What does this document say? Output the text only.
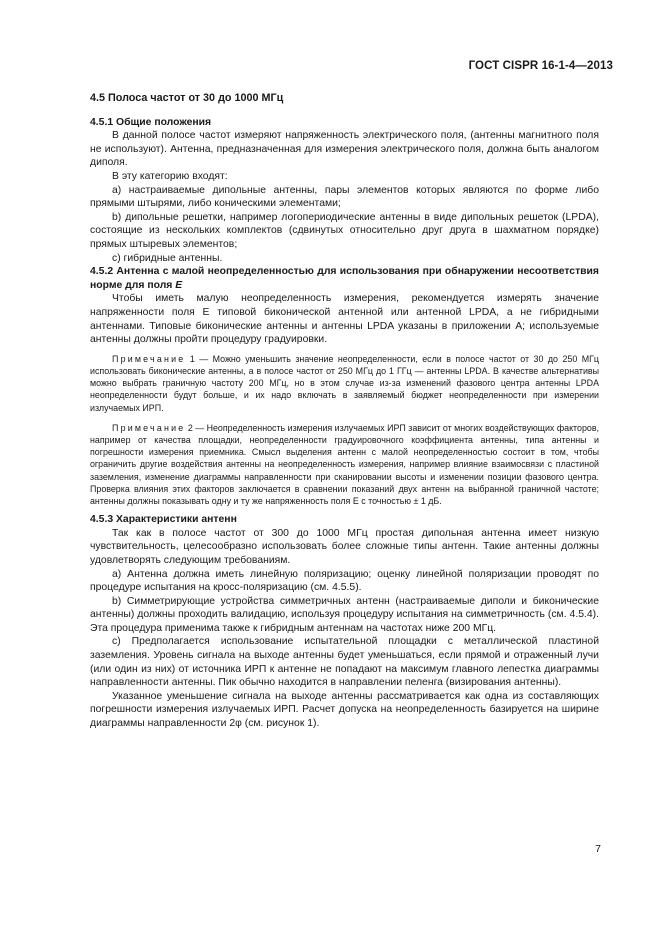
ГОСТ CISPR 16-1-4—2013
4.5 Полоса частот от 30 до 1000 МГц
4.5.1 Общие положения

В данной полосе частот измеряют напряженность электрического поля, (антенны магнитного поля не используют). Антенна, предназначенная для измерения электрического поля, должна быть аналогом диполя.

В эту категорию входят:

а) настраиваемые дипольные антенны, пары элементов которых являются по форме либо прямыми штырями, либо коническими элементами;

b) дипольные решетки, например логопериодические антенны в виде дипольных решеток (LPDA), состоящие из нескольких комплектов (сдвинутых относительно друг друга в шахматном порядке) прямых штыревых элементов;

с) гибридные антенны.

4.5.2 Антенна с малой неопределенностью для использования при обнаружении несоответствия норме для поля E

Чтобы иметь малую неопределенность измерения, рекомендуется измерять значение напряженности поля E типовой биконической антенной или антенной LPDA, а не гибридными антеннами. Типовые биконические антенны и антенны LPDA указаны в приложении А; используемые антенны должны пройти процедуру градуировки.

Примечание 1 — Можно уменьшить значение неопределенности, если в полосе частот от 30 до 250 МГц использовать биконические антенны, а в полосе частот от 250 МГц до 1 ГГц — антенны LPDA. В качестве альтернативы можно выбрать граничную частоту 200 МГц, но в этом случае из-за изменений фазового центра антенны LPDA неопределенности будут больше, и их надо включать в заявляемый бюджет неопределенности при измерении излучаемых ИРП.

Примечание 2 — Неопределенность измерения излучаемых ИРП зависит от многих воздействующих факторов, например от качества площадки, неопределенности градуировочного коэффициента антенны, типа антенны и погрешности измерения приемника. Смысл выделения антенн с малой неопределенностью состоит в том, чтобы ограничить другие воздействия антенны на неопределенность измерения, например влияние взаимосвязи с пластиной заземления, изменение диаграммы направленности при сканировании высоты и изменении позиции фазового центра. Проверка влияния этих факторов заключается в сравнении показаний двух антенн на выбранной граничной частоте; антенны должны показывать одну и ту же напряженность поля E с точностью ± 1 дБ.

4.5.3 Характеристики антенн

Так как в полосе частот от 300 до 1000 МГц простая дипольная антенна имеет низкую чувствительность, целесообразно использовать более сложные типы антенн. Такие антенны должны удовлетворять следующим требованиям.

а) Антенна должна иметь линейную поляризацию; оценку линейной поляризации проводят по процедуре испытания на кросс-поляризацию (см. 4.5.5).

b) Симметрирующие устройства симметричных антенн (настраиваемые диполи и биконические антенны) должны проходить валидацию, используя процедуру испытания на симметричность (см. 4.5.4). Эта процедура применима также к гибридным антеннам на частотах ниже 200 МГц.

с) Предполагается использование испытательной площадки с металлической пластиной заземления. Уровень сигнала на выходе антенны будет уменьшаться, если прямой и отраженный лучи (или один из них) от источника ИРП к антенне не попадают на максимум главного лепестка диаграммы направленности антенны. Пик обычно находится в направлении пеленга (визирования антенны).

Указанное уменьшение сигнала на выходе антенны рассматривается как одна из составляющих погрешности измерения излучаемых ИРП. Расчет допуска на неопределенность базируется на ширине диаграммы направленности 2φ (см. рисунок 1).

7
